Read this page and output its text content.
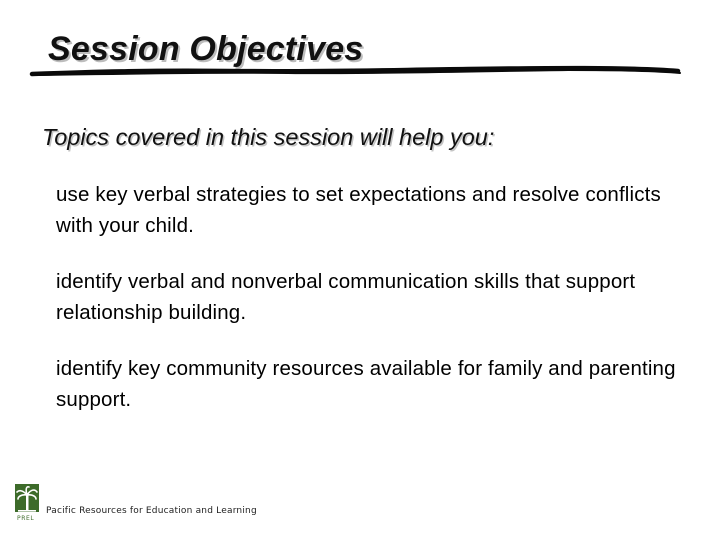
Session Objectives
Topics covered in this session will help you:
use key verbal strategies to set expectations and resolve conflicts with your child.
identify verbal and nonverbal communication skills that support relationship building.
identify key community resources available for family and parenting support.
PREL
Pacific Resources for Education and Learning
